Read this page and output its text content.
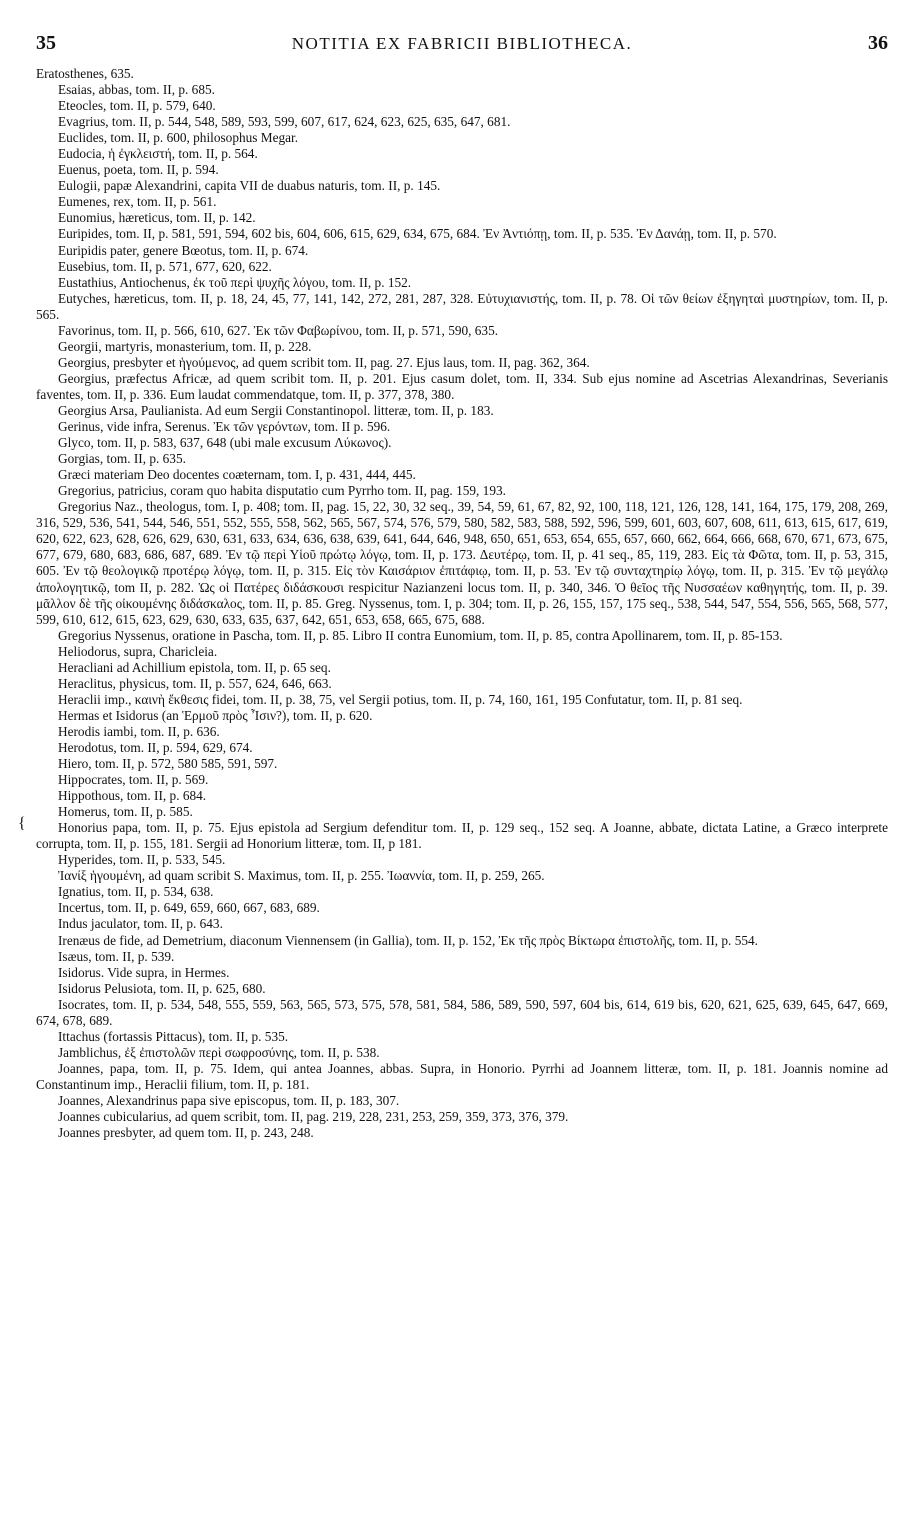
35	NOTITIA EX FABRICII BIBLIOTHECA.	36
{

Eratosthenes, 635.

Esaias, abbas, tom. II, p. 685.

Eteocles, tom. II, p. 579, 640.

Evagrius, tom. II, p. 544, 548, 589, 593, 599, 607, 617, 624, 623, 625, 635, 647, 681.

Euclides, tom. II, p. 600, philosophus Megar.

Eudocia, ἡ ἐγκλειστή, tom. II, p. 564.

Euenus, poeta, tom. II, p. 594.

Eulogii, papæ Alexandrini, capita VII de duabus naturis, tom. II, p. 145.

Eumenes, rex, tom. II, p. 561.

Eunomius, hæreticus, tom. II, p. 142.

Euripides, tom. II, p. 581, 591, 594, 602 bis, 604, 606, 615, 629, 634, 675, 684. Ἐν Ἀντιόπῃ, tom. II, p. 535. Ἐν Δανάῃ, tom. II, p. 570.

Euripidis pater, genere Bœotus, tom. II, p. 674.

Eusebius, tom. II, p. 571, 677, 620, 622.

Eustathius, Antiochenus, ἐκ τοῦ περὶ ψυχῆς λόγου, tom. II, p. 152.

Eutyches, hæreticus, tom. II, p. 18, 24, 45, 77, 141, 142, 272, 281, 287, 328. Εὐτυχιανιστής, tom. II, p. 78. Οἱ τῶν θείων ἐξηγηταὶ μυστηρίων, tom. II, p. 565.

Favorinus, tom. II, p. 566, 610, 627. Ἐκ τῶν Φαβωρίνου, tom. II, p. 571, 590, 635.

Georgii, martyris, monasterium, tom. II, p. 228.

Georgius, presbyter et ἡγούμενος, ad quem scribit tom. II, pag. 27. Ejus laus, tom. II, pag. 362, 364.

Georgius, præfectus Africæ, ad quem scribit tom. II, p. 201. Ejus casum dolet, tom. II, 334. Sub ejus nomine ad Ascetrias Alexandrinas, Severianis faventes, tom. II, p. 336. Eum laudat commendatque, tom. II, p. 377, 378, 380.

Georgius Arsa, Paulianista. Ad eum Sergii Constantinopol. litteræ, tom. II, p. 183.

Gerinus, vide infra, Serenus. Ἐκ τῶν γερόντων, tom. II p. 596.

Glyco, tom. II, p. 583, 637, 648 (ubi male excusum Λύκωνος).

Gorgias, tom. II, p. 635.

Græci materiam Deo docentes coæternam, tom. I, p. 431, 444, 445.

Gregorius, patricius, coram quo habita disputatio cum Pyrrho tom. II, pag. 159, 193.

Gregorius Naz., theologus, tom. I, p. 408; tom. II, pag. 15, 22, 30, 32 seq., 39, 54, 59, 61, 67, 82, 92, 100, 118, 121, 126, 128, 141, 164, 175, 179, 208, 269, 316, 529, 536, 541, 544, 546, 551, 552, 555, 558, 562, 565, 567, 574, 576, 579, 580, 582, 583, 588, 592, 596, 599, 601, 603, 607, 608, 611, 613, 615, 617, 619, 620, 622, 623, 628, 626, 629, 630, 631, 633, 634, 636, 638, 639, 641, 644, 646, 948, 650, 651, 653, 654, 655, 657, 660, 662, 664, 666, 668, 670, 671, 673, 675, 677, 679, 680, 683, 686, 687, 689. Ἐν τῷ περὶ Υἱοῦ πρώτῳ λόγῳ, tom. II, p. 173. Δευτέρῳ, tom. II, p. 41 seq., 85, 119, 283. Εἰς τὰ Φῶτα, tom. II, p. 53, 315, 605. Ἐν τῷ θεολογικῷ προτέρῳ λόγῳ, tom. II, p. 315. Εἰς τὸν Καισάριον ἐπιτάφιῳ, tom. II, p. 53. Ἐν τῷ συνταχτηρίῳ λόγῳ, tom. II, p. 315. Ἐν τῷ μεγάλῳ ἀπολογητικῷ, tom II, p. 282. Ὡς οἱ Πατέρες διδάσκουσι respicitur Nazianzeni locus tom. II, p. 340, 346. Ὁ θεῖος τῆς Νυσσαέων καθηγητής, tom. II, p. 39. μᾶλλον δὲ τῆς οἰκουμένης διδάσκαλος, tom. II, p. 85. Greg. Nyssenus, tom. I, p. 304; tom. II, p. 26, 155, 157, 175 seq., 538, 544, 547, 554, 556, 565, 568, 577, 599, 610, 612, 615, 623, 629, 630, 633, 635, 637, 642, 651, 653, 658, 665, 675, 688.

Gregorius Nyssenus, oratione in Pascha, tom. II, p. 85. Libro II contra Eunomium, tom. II, p. 85, contra Apollinarem, tom. II, p. 85-153.

Heliodorus, supra, Charicleia.

Heracliani ad Achillium epistola, tom. II, p. 65 seq.

Heraclitus, physicus, tom. II, p. 557, 624, 646, 663.

Heraclii imp., καινὴ ἔκθεσις fidei, tom. II, p. 38, 75, vel Sergii potius, tom. II, p. 74, 160, 161, 195 Confutatur, tom. II, p. 81 seq.

Hermas et Isidorus (an Ἑρμοῦ πρὸς Ἶσιν?), tom. II, p. 620.

Herodis iambi, tom. II, p. 636.

Herodotus, tom. II, p. 594, 629, 674.

Hiero, tom. II, p. 572, 580 585, 591, 597.

Hippocrates, tom. II, p. 569.

Hippothous, tom. II, p. 684.

Homerus, tom. II, p. 585.

Honorius papa, tom. II, p. 75. Ejus epistola ad Sergium defenditur tom. II, p. 129 seq., 152 seq. A Joanne, abbate, dictata Latine, a Græco interprete corrupta, tom. II, p. 155, 181. Sergii ad Honorium litteræ, tom. II, p 181.

Hyperides, tom. II, p. 533, 545.

Ἰανίξ ἡγουμένη, ad quam scribit S. Maximus, tom. II, p. 255. Ἰωαννία, tom. II, p. 259, 265.

Ignatius, tom. II, p. 534, 638.

Incertus, tom. II, p. 649, 659, 660, 667, 683, 689.

Indus jaculator, tom. II, p. 643.

Irenæus de fide, ad Demetrium, diaconum Viennensem (in Gallia), tom. II, p. 152, Ἐκ τῆς πρὸς Βίκτωρα ἐπιστολῆς, tom. II, p. 554.

Isæus, tom. II, p. 539.

Isidorus. Vide supra, in Hermes.

Isidorus Pelusiota, tom. II, p. 625, 680.

Isocrates, tom. II, p. 534, 548, 555, 559, 563, 565, 573, 575, 578, 581, 584, 586, 589, 590, 597, 604 bis, 614, 619 bis, 620, 621, 625, 639, 645, 647, 669, 674, 678, 689.

Ittachus (fortassis Pittacus), tom. II, p. 535.

Jamblichus, ἐξ ἐπιστολῶν περὶ σωφροσύνης, tom. II, p. 538.

Joannes, papa, tom. II, p. 75. Idem, qui antea Joannes, abbas. Supra, in Honorio. Pyrrhi ad Joannem litteræ, tom. II, p. 181. Joannis nomine ad Constantinum imp., Heraclii filium, tom. II, p. 181.

Joannes, Alexandrinus papa sive episcopus, tom. II, p. 183, 307.

Joannes cubicularius, ad quem scribit, tom. II, pag. 219, 228, 231, 253, 259, 359, 373, 376, 379.

Joannes presbyter, ad quem tom. II, p. 243, 248.
